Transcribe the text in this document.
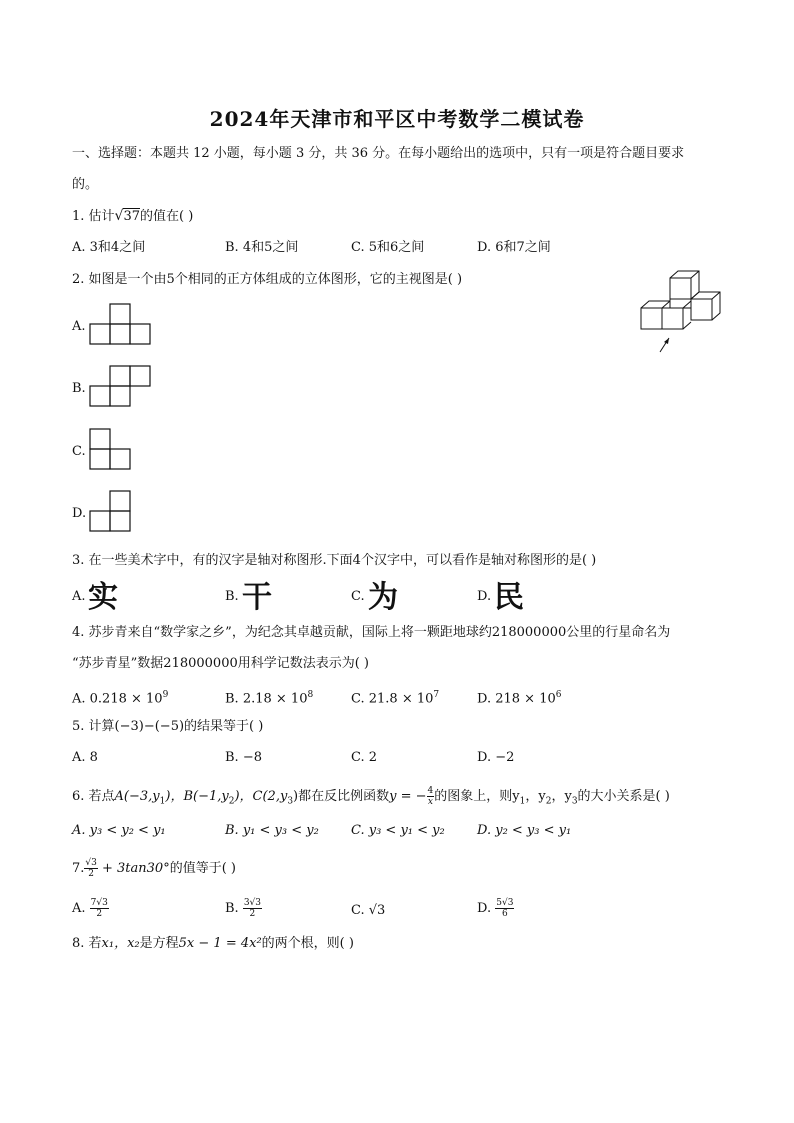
2024年天津市和平区中考数学二模试卷
一、选择题：本题共 12 小题，每小题 3 分，共 36 分。在每小题给出的选项中，只有一项是符合题目要求
的。
1. 估计√37的值在( )
A. 3和4之间	B. 4和5之间	C. 5和6之间	D. 6和7之间
2. 如图是一个由5个相同的正方体组成的立体图形，它的主视图是( )
A.
B.
C.
D.
3. 在一些美术字中，有的汉字是轴对称图形.下面4个汉字中，可以看作是轴对称图形的是( )
A. 实	B. 干	C. 为	D. 民
4. 苏步青来自“数学家之乡”，为纪念其卓越贡献，国际上将一颗距地球约218000000公里的行星命名为
“苏步青星”数据218000000用科学记数法表示为( )
A. $0.218 \times 10^9$	B. $2.18 \times 10^8$	C. $21.8 \times 10^7$	D. $218 \times 10^6$
5. 计算(−3)−(−5)的结果等于( )
A. 8	B. −8	C. 2	D. −2
6. 若点$A(-3,y_1)$，$B(-1,y_2)$，$C(2,y_3)$都在反比例函数y = − $\frac{4}{x}$ 的图象上，则$y_1$，$y_2$，$y_3$的大小关系是( )
A. y₃ < y₂ < y₁	B. y₁ < y₃ < y₂ C. y₃ < y₁ < y₂ D. y₂ < y₃ < y₁
7. $\frac{√3}{2} + 3\tan 30^\circ$的值等于( )
A. $\frac{7√3}{2}$	B. $\frac{3√3}{2}$	C. √3	D. $\frac{5√3}{6}$
8. 若x₁，x₂是方程5x − 1 = 4x²的两个根，则( )
